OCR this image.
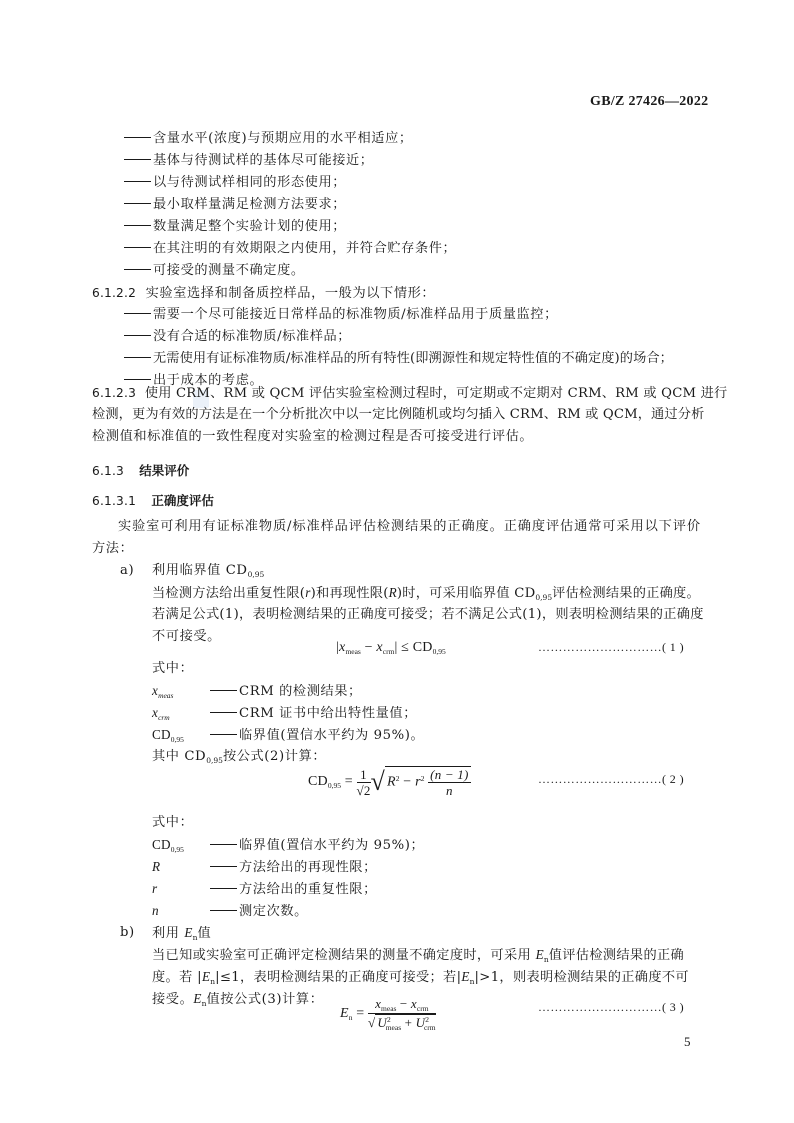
GB/Z 27426—2022
含量水平(浓度)与预期应用的水平相适应；
基体与待测试样的基体尽可能接近；
以与待测试样相同的形态使用；
最小取样量满足检测方法要求；
数量满足整个实验计划的使用；
在其注明的有效期限之内使用，并符合贮存条件；
可接受的测量不确定度。
6.1.2.2 实验室选择和制备质控样品，一般为以下情形：
需要一个尽可能接近日常样品的标准物质/标准样品用于质量监控；
没有合适的标准物质/标准样品；
无需使用有证标准物质/标准样品的所有特性(即溯源性和规定特性值的不确定度)的场合；
出于成本的考虑。
6.1.2.3 使用 CRM、RM 或 QCM 评估实验室检测过程时，可定期或不定期对 CRM、RM 或 QCM 进行
检测，更为有效的方法是在一个分析批次中以一定比例随机或均匀插入 CRM、RM 或 QCM，通过分析
检测值和标准值的一致性程度对实验室的检测过程是否可接受进行评估。
6.1.3 结果评价
6.1.3.1 正确度评估
实验室可利用有证标准物质/标准样品评估检测结果的正确度。正确度评估通常可采用以下评价
方法：
a) 利用临界值 $CD_{0,95}$
当检测方法给出重复性限(r)和再现性限(R)时，可采用临界值 $CD_{0,95}$评估检测结果的正确度。
若满足公式(1)，表明检测结果的正确度可接受；若不满足公式(1)，则表明检测结果的正确度
不可接受。
$|x_{meas} - x_{crm}| \le CD_{0,95}$	…………………………( 1 )
式中：
$x_{meas}$	CRM 的检测结果；
$x_{crm}$	CRM 证书中给出特性量值；
$CD_{0,95}$	临界值(置信水平约为 95%)。
其中 $CD_{0,95}$按公式(2)计算：
$CD_{0,95} = \frac{1}{√2}$ √ $R^2 - r^2 \frac{(n - 1)}{n}$	…………………………( 2 )
式中：
$CD_{0,95}$	临界值(置信水平约为 95%)；
R	方法给出的再现性限；
r	方法给出的重复性限；
n	测定次数。
b) 利用 $E_n$值
当已知或实验室可正确评定检测结果的测量不确定度时，可采用 $E_n$值评估检测结果的正确
度。若 $|E_n|\le 1$，表明检测结果的正确度可接受；若$|E_n|>1$，则表明检测结果的正确度不可
接受。$E_n$值按公式(3)计算：
$E_n = \frac{x_{meas} - x_{crm}}{√ U^2_{meas} + U^2_{crm}}$	…………………………( 3 )
5
